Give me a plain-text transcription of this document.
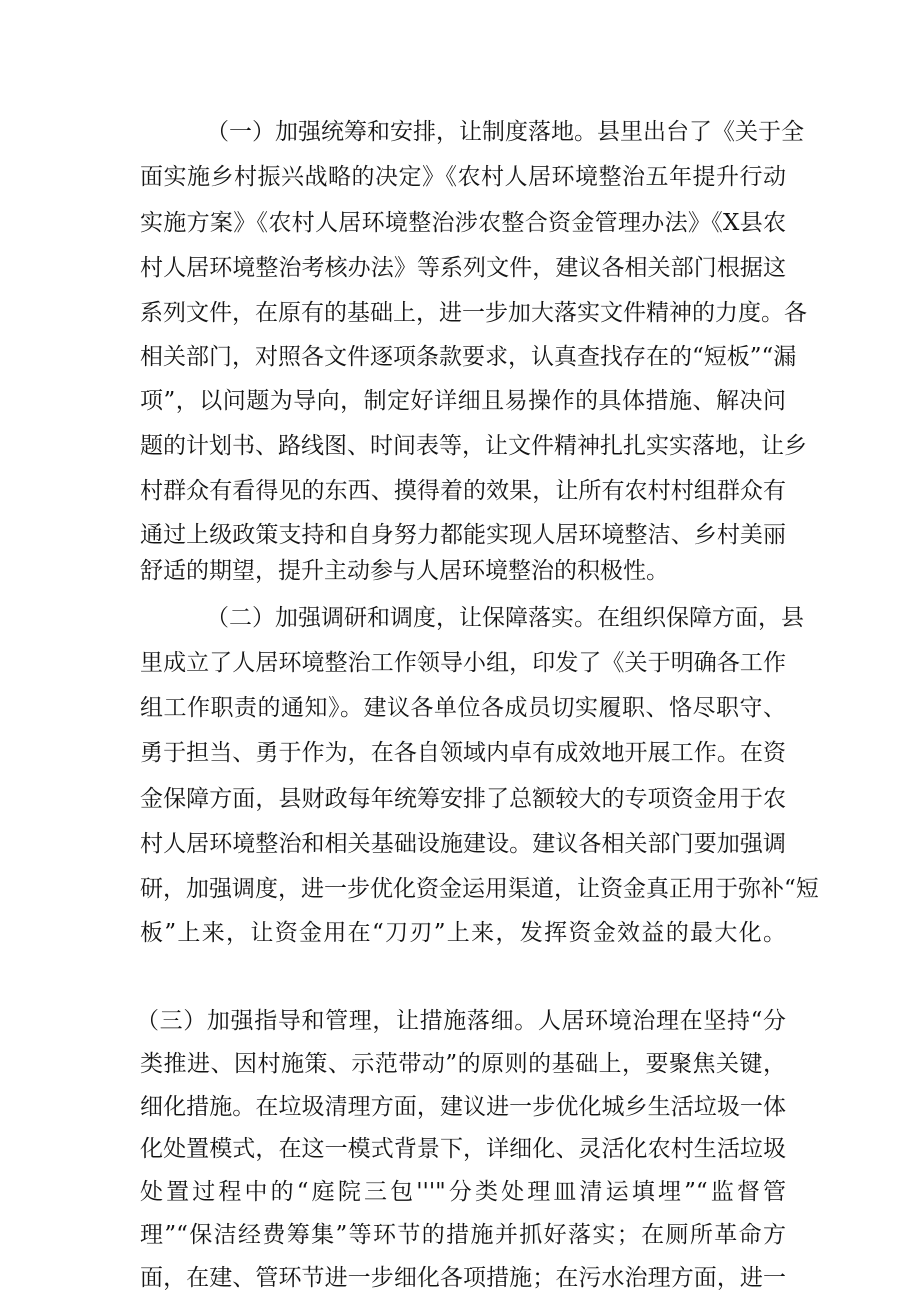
（一）加强统筹和安排，让制度落地。县里出台了《关于全
面实施乡村振兴战略的决定》《农村人居环境整治五年提升行动
实施方案》《农村人居环境整治涉农整合资金管理办法》《X县农
村人居环境整治考核办法》等系列文件，建议各相关部门根据这
系列文件，在原有的基础上，进一步加大落实文件精神的力度。各
相关部门，对照各文件逐项条款要求，认真查找存在的“短板”“漏
项”，以问题为导向，制定好详细且易操作的具体措施、解决问
题的计划书、路线图、时间表等，让文件精神扎扎实实落地，让乡
村群众有看得见的东西、摸得着的效果，让所有农村村组群众有
通过上级政策支持和自身努力都能实现人居环境整洁、乡村美丽
舒适的期望，提升主动参与人居环境整治的积极性。
（二）加强调研和调度，让保障落实。在组织保障方面，县
里成立了人居环境整治工作领导小组，印发了《关于明确各工作
组工作职责的通知》。建议各单位各成员切实履职、恪尽职守、
勇于担当、勇于作为，在各自领域内卓有成效地开展工作。在资
金保障方面，县财政每年统筹安排了总额较大的专项资金用于农
村人居环境整治和相关基础设施建设。建议各相关部门要加强调
研，加强调度，进一步优化资金运用渠道，让资金真正用于弥补“短
板”上来，让资金用在“刀刃”上来，发挥资金效益的最大化。
（三）加强指导和管理，让措施落细。人居环境治理在坚持“分
类推进、因村施策、示范带动”的原则的基础上，要聚焦关键，
细化措施。在垃圾清理方面，建议进一步优化城乡生活垃圾一体
化处置模式，在这一模式背景下，详细化、灵活化农村生活垃圾
处置过程中的“庭院三包'''"分类处理皿清运填埋”“监督管
理”“保洁经费筹集”等环节的措施并抓好落实；在厕所革命方
面，在建、管环节进一步细化各项措施；在污水治理方面，进一
